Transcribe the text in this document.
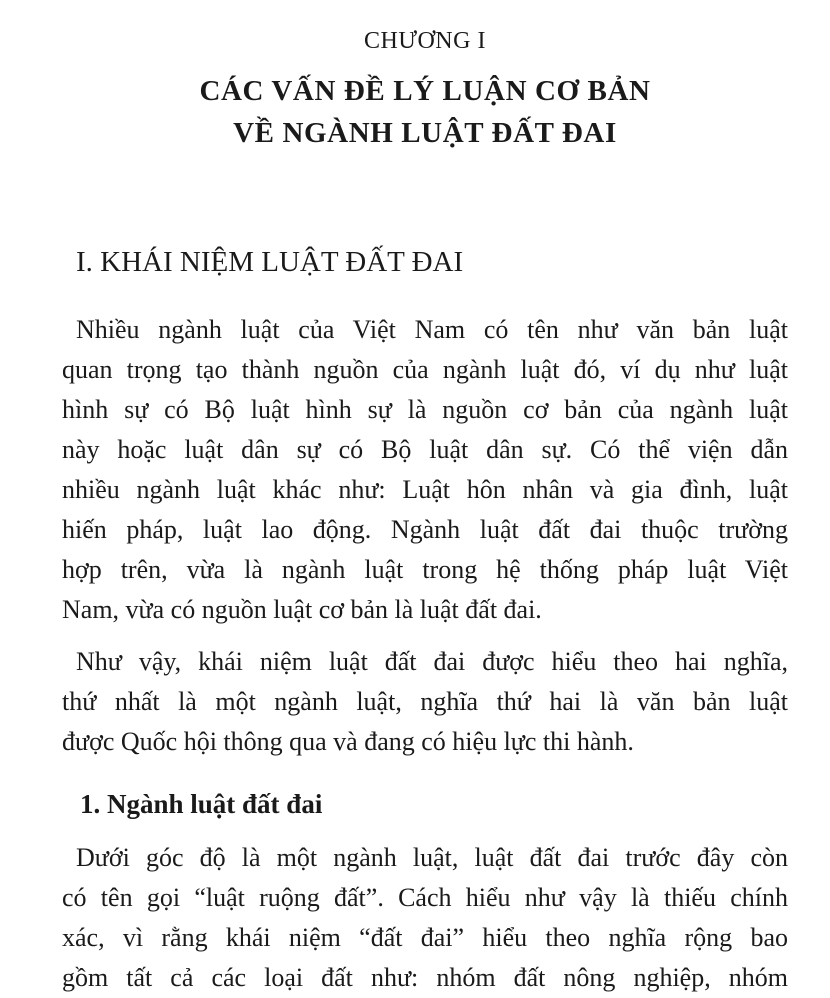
CHƯƠNG I

CÁC VẤN ĐỀ LÝ LUẬN CƠ BẢN
VỀ NGÀNH LUẬT ĐẤT ĐAI
I. KHÁI NIỆM LUẬT ĐẤT ĐAI
Nhiều ngành luật của Việt Nam có tên như văn bản luật
quan trọng tạo thành nguồn của ngành luật đó, ví dụ như luật
hình sự có Bộ luật hình sự là nguồn cơ bản của ngành luật
này hoặc luật dân sự có Bộ luật dân sự. Có thể viện dẫn
nhiều ngành luật khác như: Luật hôn nhân và gia đình, luật
hiến pháp, luật lao động. Ngành luật đất đai thuộc trường
hợp trên, vừa là ngành luật trong hệ thống pháp luật Việt
Nam, vừa có nguồn luật cơ bản là luật đất đai.
Như vậy, khái niệm luật đất đai được hiểu theo hai nghĩa,
thứ nhất là một ngành luật, nghĩa thứ hai là văn bản luật
được Quốc hội thông qua và đang có hiệu lực thi hành.
1. Ngành luật đất đai
Dưới góc độ là một ngành luật, luật đất đai trước đây còn
có tên gọi “luật ruộng đất”. Cách hiểu như vậy là thiếu chính
xác, vì rằng khái niệm “đất đai” hiểu theo nghĩa rộng bao
gồm tất cả các loại đất như: nhóm đất nông nghiệp, nhóm
